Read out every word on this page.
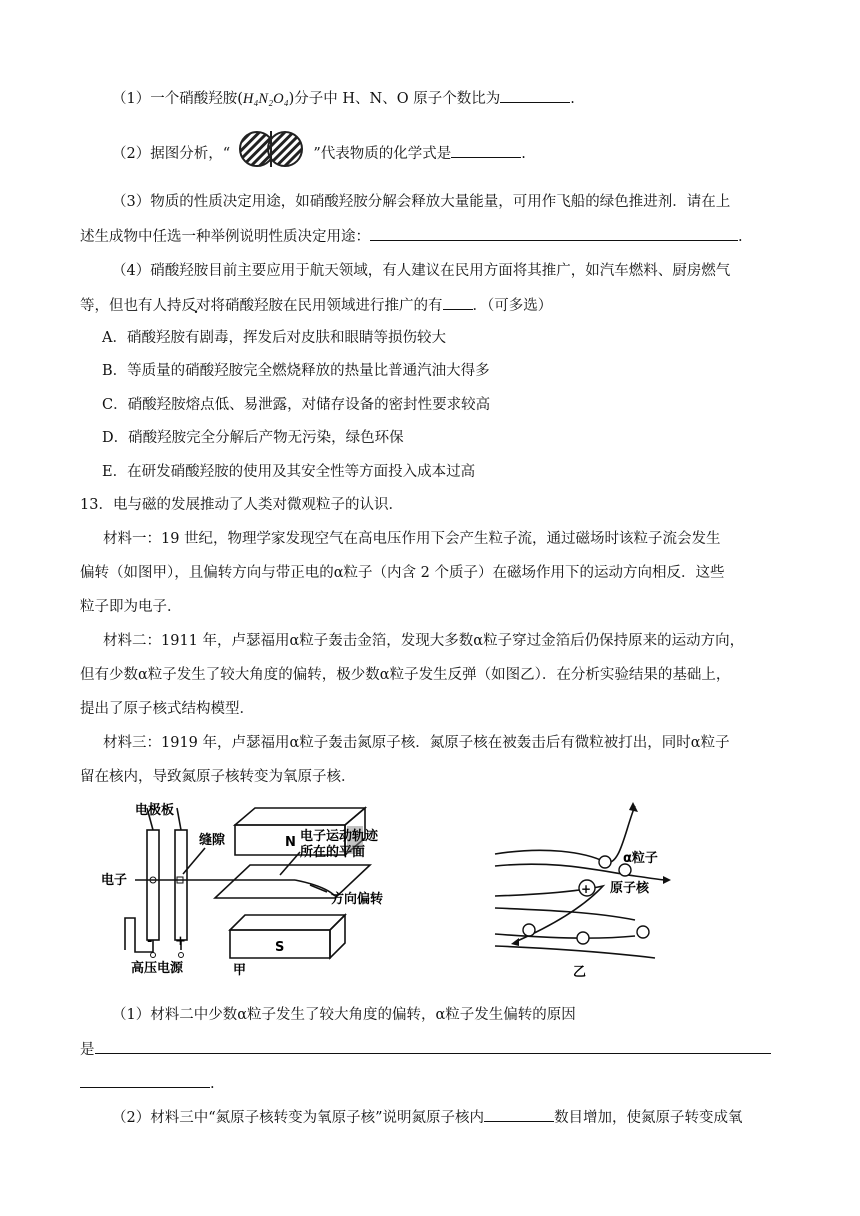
（1）一个硝酸羟胺(H₄N₂O₄)分子中 H、N、O 原子个数比为	.
（2）据图分析，“	”代表物质的化学式是	.
（3）物质的性质决定用途，如硝酸羟胺分解会释放大量能量，可用作飞船的绿色推进剂．请在上
述生成物中任选一种举例说明性质决定用途：	.
（4）硝酸羟胺目前主要应用于航天领域，有人建议在民用方面将其推广，如汽车燃料、厨房燃气
等，但也有人持反对将硝酸羟胺在民用领域进行推广的有 ．（可多选）
A．硝酸羟胺有剧毒，挥发后对皮肤和眼睛等损伤较大
B．等质量的硝酸羟胺完全燃烧释放的热量比普通汽油大得多
C．硝酸羟胺熔点低、易泄露，对储存设备的密封性要求较高
D．硝酸羟胺完全分解后产物无污染，绿色环保
E．在研发硝酸羟胺的使用及其安全性等方面投入成本过高
13．电与磁的发展推动了人类对微观粒子的认识．
材料一：19 世纪，物理学家发现空气在高电压作用下会产生粒子流，通过磁场时该粒子流会发生
偏转（如图甲），且偏转方向与带正电的α粒子（内含 2 个质子）在磁场作用下的运动方向相反．这些
粒子即为电子．
材料二：1911 年，卢瑟福用α粒子轰击金箔，发现大多数α粒子穿过金箔后仍保持原来的运动方向，
但有少数α粒子发生了较大角度的偏转，极少数α粒子发生反弹（如图乙）．在分析实验结果的基础上，
提出了原子核式结构模型．
材料三：1919 年，卢瑟福用α粒子轰击氮原子核．氮原子核在被轰击后有微粒被打出，同时α粒子
留在核内，导致氮原子核转变为氧原子核．
电极板
电子
缝隙	电子运动轨迹
所在的平面
方向偏转
- +
高压电源
N
S
甲
+
α粒子
原子核
乙
（1）材料二中少数α粒子发生了较大角度的偏转，α粒子发生偏转的原因
是
.
（2）材料三中“氮原子核转变为氧原子核”说明氮原子核内	数目增加，使氮原子转变成氧
